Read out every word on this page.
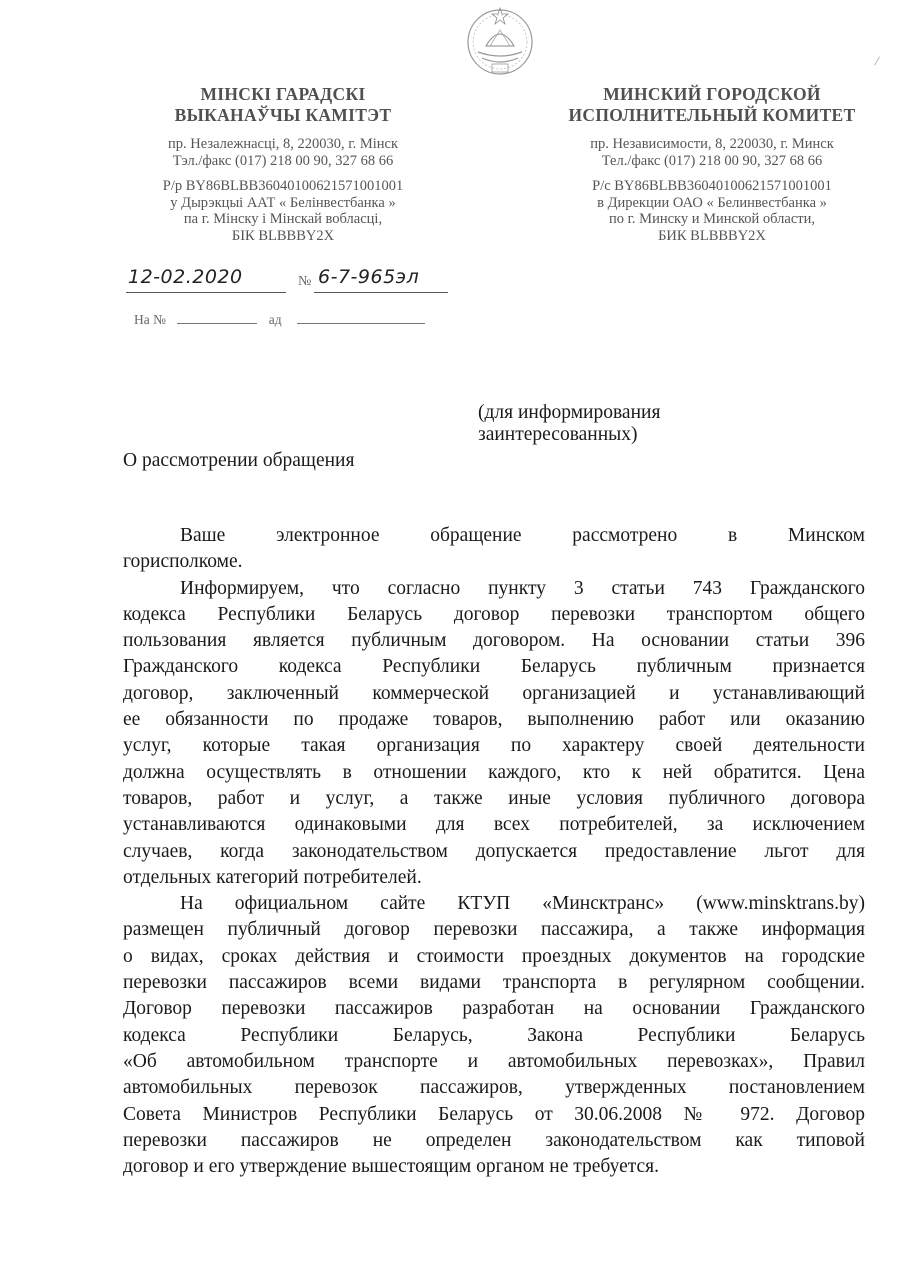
МІНСКІ ГАРАДСКІ
ВЫКАНАЎЧЫ КАМІТЭТ
пр. Незалежнасці, 8, 220030, г. Мінск
Тэл./факс (017) 218 00 90, 327 68 66
Р/р BY86BLBB36040100621571001001
у Дырэкцыі ААТ « Белінвестбанка »
па г. Мінску і Мінскай вобласці,
БІК BLBBBY2X
МИНСКИЙ ГОРОДСКОЙ
ИСПОЛНИТЕЛЬНЫЙ КОМИТЕТ
пр. Независимости, 8, 220030, г. Минск
Тел./факс (017) 218 00 90, 327 68 66
Р/с BY86BLBB36040100621571001001
в Дирекции ОАО « Белинвестбанка »
по г. Минску и Минской области,
БИК BLBBBY2X
12-02.2020	№ 6-7-965эл
На №	ад
(для информирования
заинтересованных)
О рассмотрении обращения
Ваше электронное обращение рассмотрено в Минском
горисполкоме.
Информируем, что согласно пункту 3 статьи 743 Гражданского
кодекса Республики Беларусь договор перевозки транспортом общего
пользования является публичным договором. На основании статьи 396
Гражданского кодекса Республики Беларусь публичным признается
договор, заключенный коммерческой организацией и устанавливающий
ее обязанности по продаже товаров, выполнению работ или оказанию
услуг, которые такая организация по характеру своей деятельности
должна осуществлять в отношении каждого, кто к ней обратится. Цена
товаров, работ и услуг, а также иные условия публичного договора
устанавливаются одинаковыми для всех потребителей, за исключением
случаев, когда законодательством допускается предоставление льгот для
отдельных категорий потребителей.
На официальном сайте КТУП «Минсктранс» (www.minsktrans.by)
размещен публичный договор перевозки пассажира, а также информация
о видах, сроках действия и стоимости проездных документов на городские
перевозки пассажиров всеми видами транспорта в регулярном сообщении.
Договор перевозки пассажиров разработан на основании Гражданского
кодекса Республики Беларусь, Закона Республики Беларусь
«Об автомобильном транспорте и автомобильных перевозках», Правил
автомобильных перевозок пассажиров, утвержденных постановлением
Совета Министров Республики Беларусь от 30.06.2008 № 972. Договор
перевозки пассажиров не определен законодательством как типовой
договор и его утверждение вышестоящим органом не требуется.
